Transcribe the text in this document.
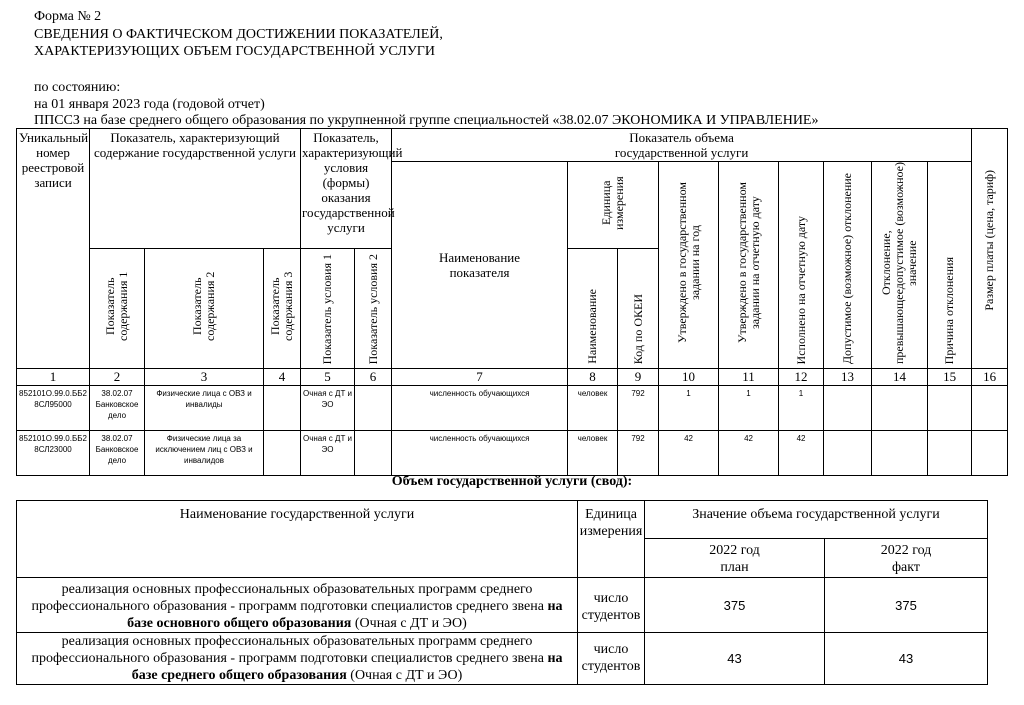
Форма № 2
СВЕДЕНИЯ О ФАКТИЧЕСКОМ ДОСТИЖЕНИИ ПОКАЗАТЕЛЕЙ,
ХАРАКТЕРИЗУЮЩИХ ОБЪЕМ ГОСУДАРСТВЕННОЙ УСЛУГИ
по состоянию:
на 01 января 2023 года (годовой отчет)
ППССЗ на базе среднего общего образования по укрупненной группе специальностей «38.02.07 ЭКОНОМИКА И УПРАВЛЕНИЕ»
Уникальный номер реестровой записи	Показатель, характеризующий содержание государственной услуги			Показатель, характеризующий условия (формы) оказания государственной услуги		Показатель объема государственной услуги									Размер платы (цена, тариф)

						Наименование показателя	Единица измерения		Утверждено в государственном задании на год	Утверждено в государственном задании на отчетную дату	Исполнено на отчетную дату	Допустимое (возможное) отклонение	Отклонение, превышающеедопустимое (возможное) значение	Причина отклонения	

	Показатель содержания 1	Показатель содержания 2	Показатель содержания 3	Показатель условия 1	Показатель условия 2		Наименование	Код по ОКЕИ							

1	2	3	4	5	6	7	8	9	10	11	12	13	14	15	16
852101О.99.0.ББ28СЛ95000	38.02.07 Банковское дело	Физические лица с ОВЗ и инвалиды		Очная с ДТ и ЭО		численность обучающихся	человек	792	1	1	1				
852101О.99.0.ББ28СЛ23000	38.02.07 Банковское дело	Физические лица за исключением лиц с ОВЗ и инвалидов		Очная с ДТ и ЭО		численность обучающихся	человек	792	42	42	42				
Объем государственной услуги (свод):
Наименование государственной услуги	Единица измерения	Значение объема государственной услуги	

		2022 год план	2022 год факт

реализация основных профессиональных образовательных программ среднего профессионального образования - программ подготовки специалистов среднего звена на базе основного общего образования (Очная с ДТ и ЭО)	число студентов	375	375

реализация основных профессиональных образовательных программ среднего профессионального образования - программ подготовки специалистов среднего звена на базе среднего общего образования (Очная с ДТ и ЭО)	число студентов	43	43
